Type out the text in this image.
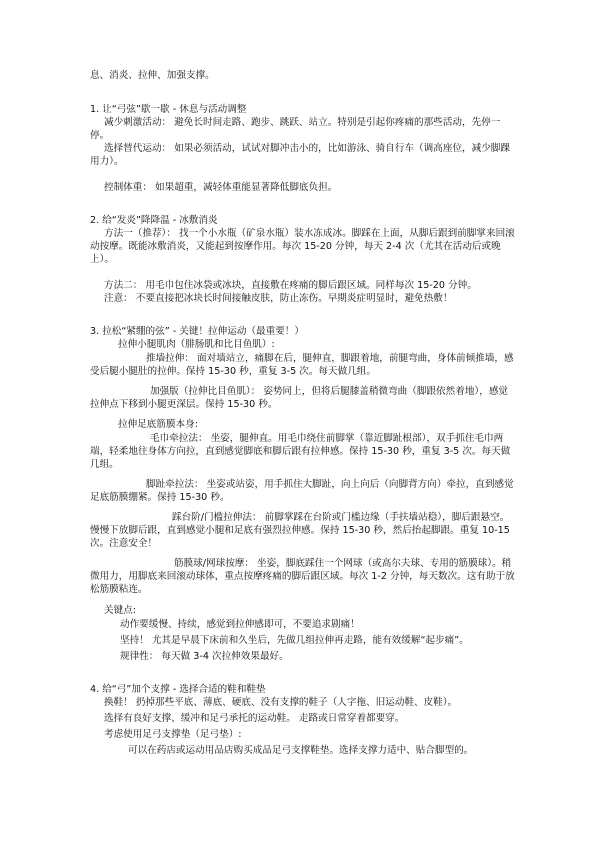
息、消炎、拉伸、加强支撑。
1. 让“弓弦”歇一歇 - 休息与活动调整
减少刺激活动： 避免长时间走路、跑步、跳跃、站立。特别是引起你疼痛的那些活动，先停一停。
选择替代运动： 如果必须活动，试试对脚冲击小的，比如游泳、骑自行车（调高座位，减少脚踝用力）。
控制体重： 如果超重，减轻体重能显著降低脚底负担。
2. 给“发炎”降降温 - 冰敷消炎
方法一（推荐）： 找一个小水瓶（矿泉水瓶）装水冻成冰。脚踩在上面，从脚后跟到前脚掌来回滚动按摩。既能冰敷消炎，又能起到按摩作用。每次 15-20 分钟，每天 2-4 次（尤其在活动后或晚上）。
方法二： 用毛巾包住冰袋或冰块，直接敷在疼痛的脚后跟区域。同样每次 15-20 分钟。
注意： 不要直接把冰块长时间接触皮肤，防止冻伤。早期炎症明显时，避免热敷！
3. 拉松“紧绷的弦” - 关键！拉伸运动（最重要！）
拉伸小腿肌肉（腓肠肌和比目鱼肌）:
推墙拉伸： 面对墙站立，痛脚在后，腿伸直，脚跟着地，前腿弯曲，身体前倾推墙，感受后腿小腿肚的拉伸。保持 15-30 秒，重复 3-5 次。每天做几组。
加强版（拉伸比目鱼肌）： 姿势同上，但将后腿膝盖稍微弯曲（脚跟依然着地），感觉拉伸点下移到小腿更深层。保持 15-30 秒。
拉伸足底筋膜本身:
毛巾牵拉法： 坐姿，腿伸直。用毛巾绕住前脚掌（靠近脚趾根部），双手抓住毛巾两端，轻柔地往身体方向拉，直到感觉脚底和脚后跟有拉伸感。保持 15-30 秒，重复 3-5 次。每天做几组。
脚趾牵拉法： 坐姿或站姿，用手抓住大脚趾，向上向后（向脚背方向）牵拉，直到感觉足底筋膜绷紧。保持 15-30 秒。
踩台阶/门槛拉伸法： 前脚掌踩在台阶或门槛边缘（手扶墙站稳），脚后跟悬空。慢慢下放脚后跟，直到感觉小腿和足底有强烈拉伸感。保持 15-30 秒，然后抬起脚跟。重复 10-15 次。注意安全！
筋膜球/网球按摩： 坐姿，脚底踩住一个网球（或高尔夫球、专用的筋膜球）。稍微用力，用脚底来回滚动球体，重点按摩疼痛的脚后跟区域。每次 1-2 分钟，每天数次。这有助于放松筋膜粘连。
关键点:
动作要缓慢、持续，感觉到拉伸感即可，不要追求剧痛！
坚持！ 尤其是早晨下床前和久坐后，先做几组拉伸再走路，能有效缓解“起步痛”。
规律性： 每天做 3-4 次拉伸效果最好。
4. 给“弓”加个支撑 - 选择合适的鞋和鞋垫
换鞋！ 扔掉那些平底、薄底、硬底、没有支撑的鞋子（人字拖、旧运动鞋、皮鞋）。
选择有良好支撑、缓冲和足弓承托的运动鞋。 走路或日常穿着都要穿。
考虑使用足弓支撑垫（足弓垫）:
可以在药店或运动用品店购买成品足弓支撑鞋垫。选择支撑力适中、贴合脚型的。
